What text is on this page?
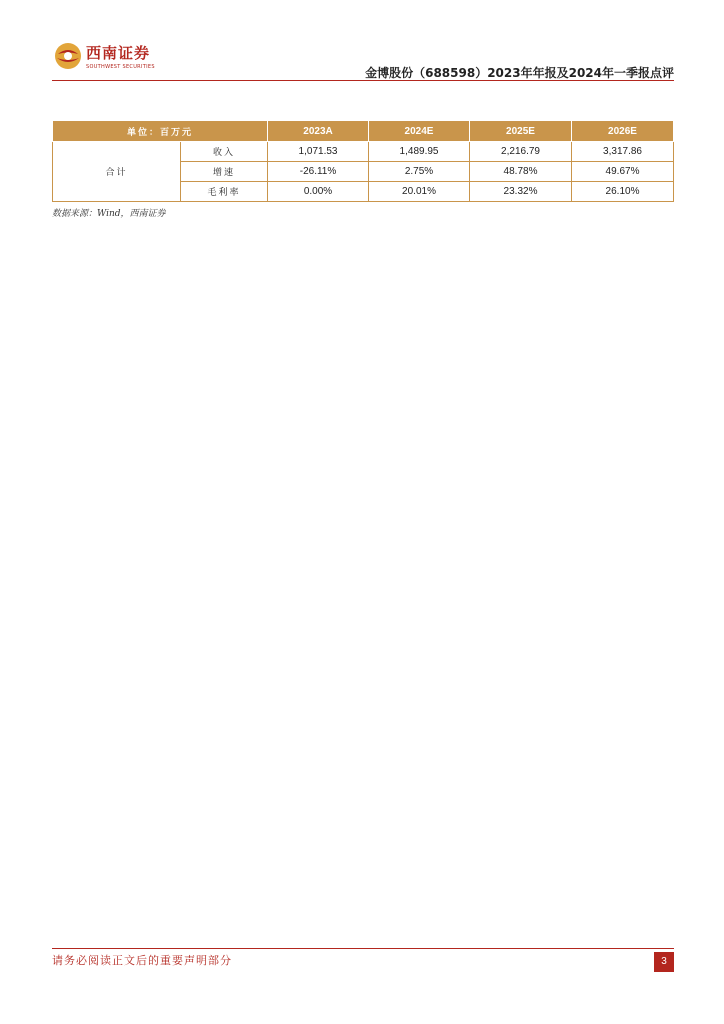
西南证券
SOUTHWEST SECURITIES	金博股份（688598）2023年年报及2024年一季报点评
单位：百万元		2023A	2024E	2025E	2026E
合计	收入	1,071.53	1,489.95	2,216.79	3,317.86
	增速	-26.11%	2.75%	48.78%	49.67%
	毛利率	0.00%	20.01%	23.32%	26.10%
数据来源：Wind，西南证券
请务必阅读正文后的重要声明部分	3
